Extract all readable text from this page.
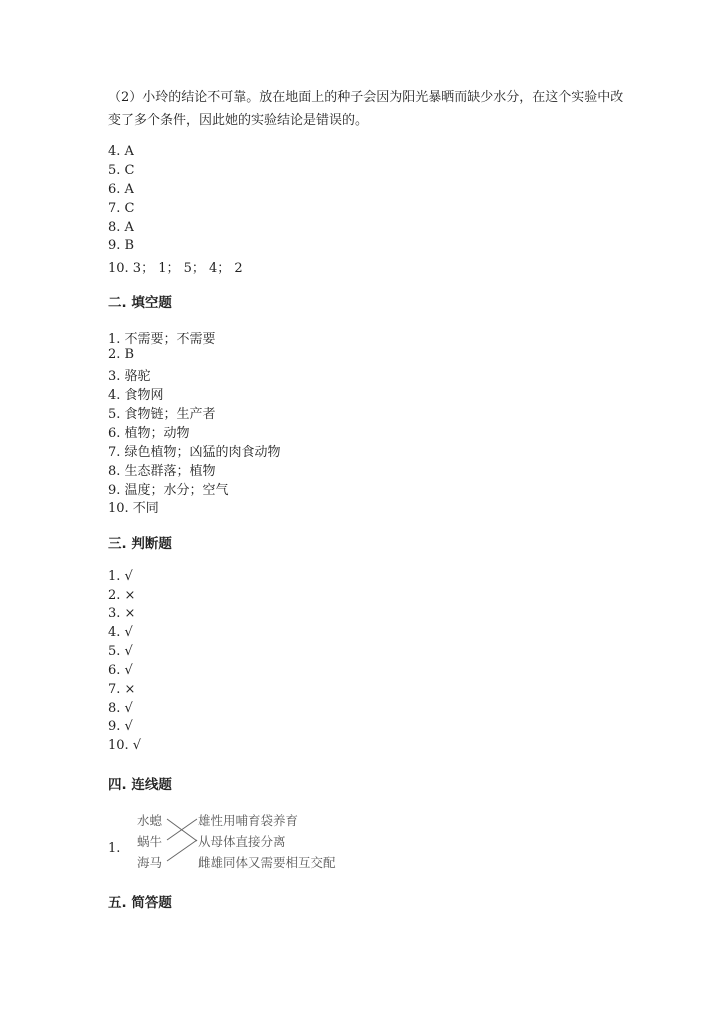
（2）小玲的结论不可靠。放在地面上的种子会因为阳光暴晒而缺少水分，在这个实验中改变了多个条件，因此她的实验结论是错误的。
4. A
5. C
6. A
7. C
8. A
9. B
10. 3； 1； 5； 4； 2
二. 填空题
1. 不需要；不需要
2. B
3. 骆驼
4. 食物网
5. 食物链；生产者
6. 植物；动物
7. 绿色植物；凶猛的肉食动物
8. 生态群落；植物
9. 温度；水分；空气
10. 不同
三. 判断题
1. √
2. ×
3. ×
4. √
5. √
6. √
7. ×
8. √
9. √
10. √
四. 连线题
1.
水螅
蜗牛
海马
雄性用哺育袋养育
从母体直接分离
雌雄同体又需要相互交配
五. 简答题
